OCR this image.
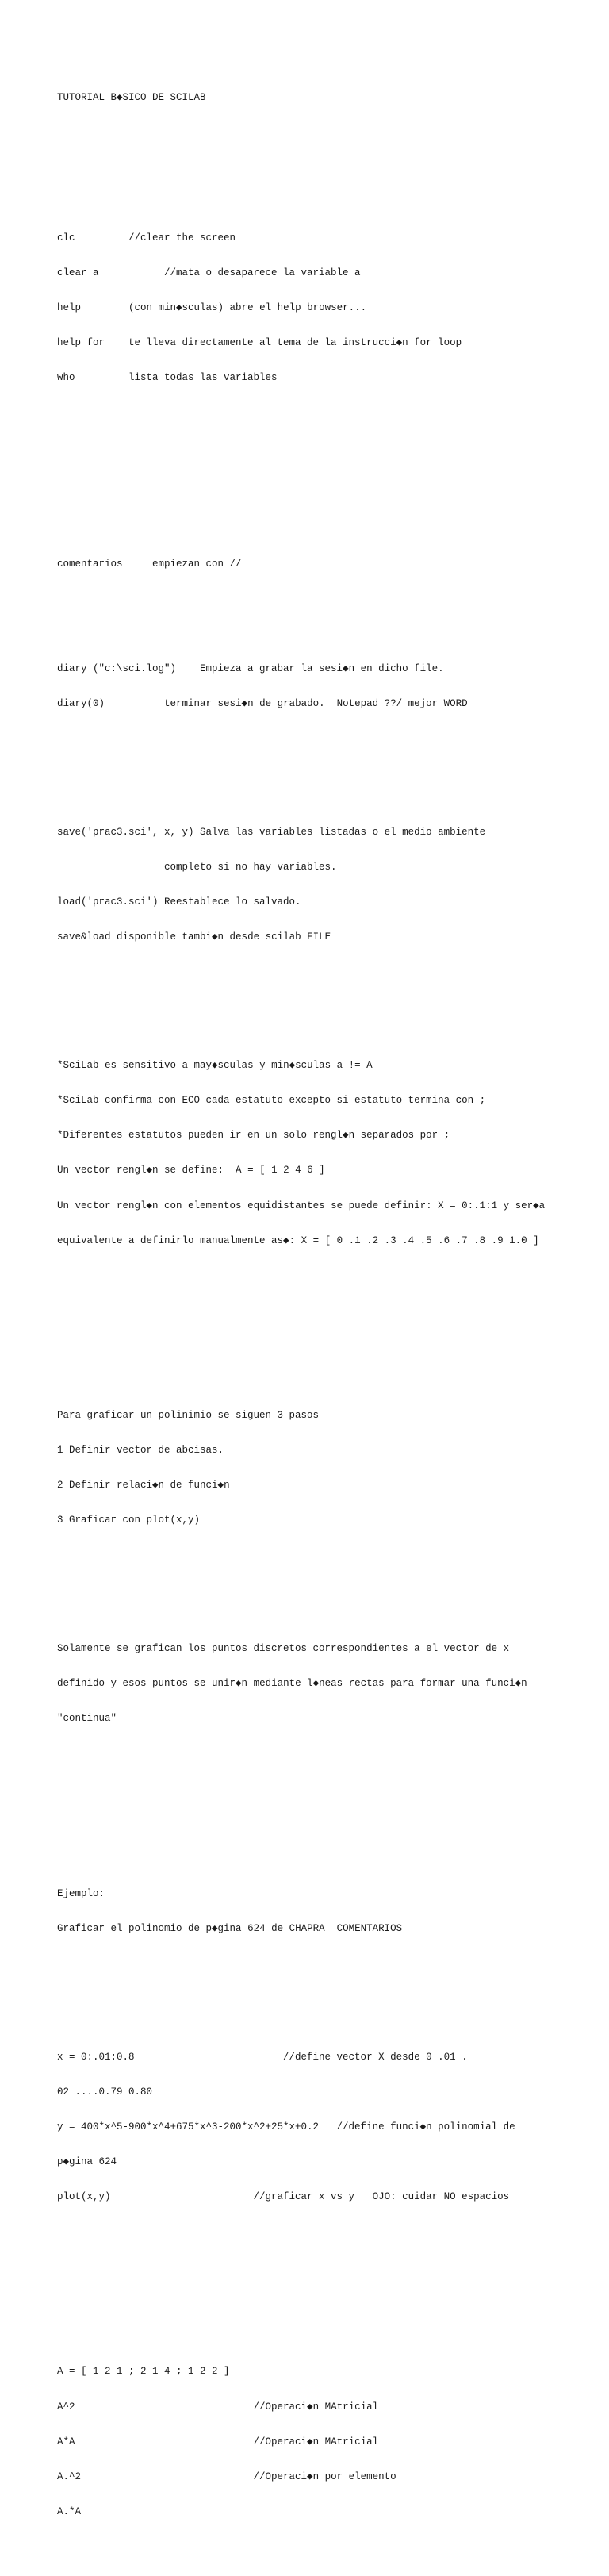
TUTORIAL B◆SICO DE SCILAB

clc         //clear the screen

clear a           //mata o desaparece la variable a

help        (con min◆sculas) abre el help browser...

help for    te lleva directamente al tema de la instrucci◆n for loop

who         lista todas las variables

comentarios     empiezan con //

diary ("c:\sci.log")    Empieza a grabar la sesi◆n en dicho file.

diary(0)          terminar sesi◆n de grabado.  Notepad ??/ mejor WORD

save('prac3.sci', x, y) Salva las variables listadas o el medio ambiente

completo si no hay variables.

load('prac3.sci') Reestablece lo salvado.

save&load disponible tambi◆n desde scilab FILE

*SciLab es sensitivo a may◆sculas y min◆sculas a != A

*SciLab confirma con ECO cada estatuto excepto si estatuto termina con ;

*Diferentes estatutos pueden ir en un solo rengl◆n separados por ;

Un vector rengl◆n se define:  A = [ 1 2 4 6 ]

Un vector rengl◆n con elementos equidistantes se puede definir: X = 0:.1:1 y ser◆a

equivalente a definirlo manualmente as◆: X = [ 0 .1 .2 .3 .4 .5 .6 .7 .8 .9 1.0 ]

Para graficar un polinimio se siguen 3 pasos

1 Definir vector de abcisas.

2 Definir relaci◆n de funci◆n

3 Graficar con plot(x,y)

Solamente se grafican los puntos discretos correspondientes a el vector de x

definido y esos puntos se unir◆n mediante l◆neas rectas para formar una funci◆n

"continua"

Ejemplo:

Graficar el polinomio de p◆gina 624 de CHAPRA  COMENTARIOS

x = 0:.01:0.8                         //define vector X desde 0 .01 .

02 ....0.79 0.80

y = 400*x^5-900*x^4+675*x^3-200*x^2+25*x+0.2   //define funci◆n polinomial de

p◆gina 624

plot(x,y)                        //graficar x vs y   OJO: cuidar NO espacios

A = [ 1 2 1 ; 2 1 4 ; 1 2 2 ]

A^2                              //Operaci◆n MAtricial

A*A                              //Operaci◆n MAtricial

A.^2                             //Operaci◆n por elemento

A.*A
